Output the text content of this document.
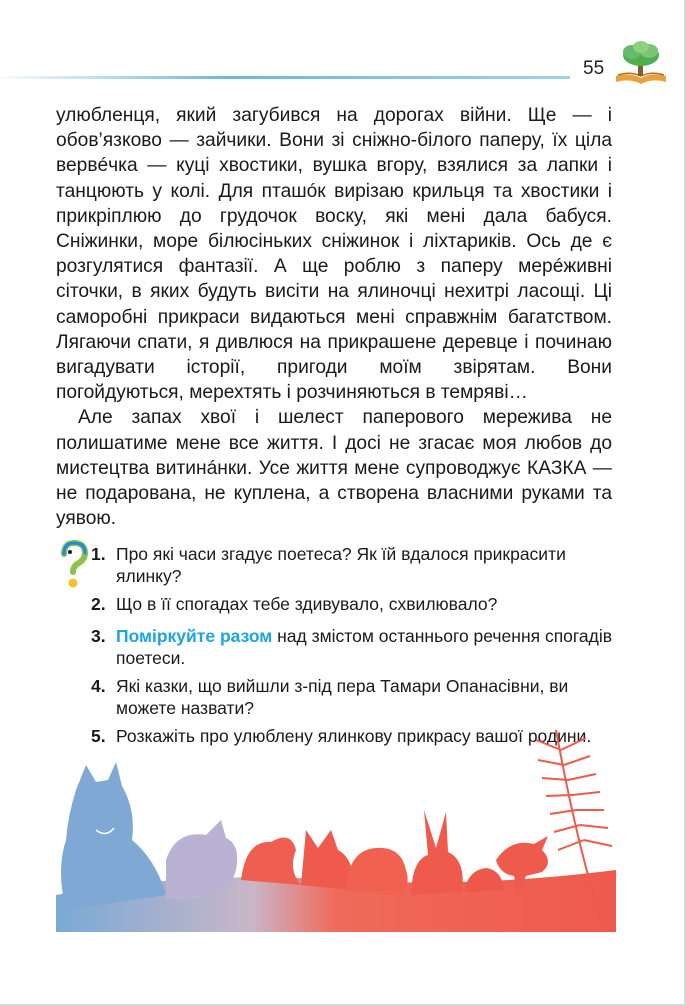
55

улюбленця, який загубився на дорогах війни. Ще — і обов’язково — зайчики. Вони зі сніжно-білого паперу, їх ціла вервéчка — куці хвостики, вушка вгору, взялися за лапки і танцюють у колі. Для пташóк вирізаю крильця та хвостики і прикріплюю до грудочок воску, які мені дала бабуся. Сніжинки, море білюсіньких сніжинок і ліхтариків. Ось де є розгулятися фантазії. А ще роблю з паперу мерéживні сіточки, в яких будуть висіти на ялиночці нехитрі ласощі. Ці саморобні прикраси видаються мені справжнім багатством. Лягаючи спати, я дивлюся на прикрашене деревце і починаю вигадувати історії, пригоди моїм звірятам. Вони погойдуються, мерехтять і розчиняються в темряві…

Але запах хвої і шелест паперового мережива не полишатиме мене все життя. І досі не згасає моя любов до мистецтва витинáнки. Усе життя мене супроводжує КАЗКА — не подарована, не куплена, а створена власними руками та уявою.

1. Про які часи згадує поетеса? Як їй вдалося прикрасити ялинку?
2. Що в її спогадах тебе здивувало, схвилювало?
3. Поміркуйте разом над змістом останнього речення спогадів поетеси.
4. Які казки, що вийшли з-під пера Тамари Опанасівни, ви можете назвати?
5. Розкажіть про улюблену ялинкову прикрасу вашої родини.
